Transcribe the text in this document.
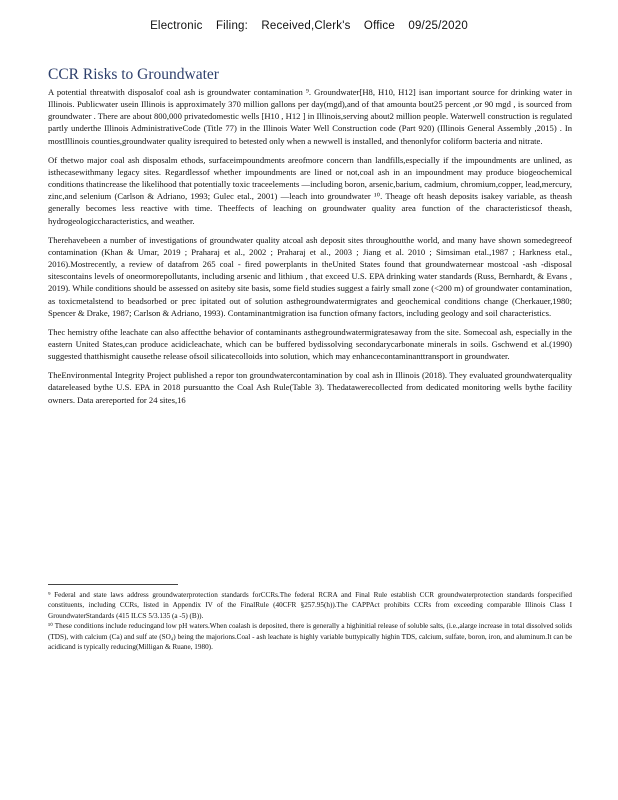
Electronic Filing: Received,Clerk's Office 09/25/2020
CCR Risks to Groundwater

A potential threatwith disposalof coal ash is groundwater contamination ⁹. Groundwater[H8, H10, H12] isan important source for drinking water in Illinois. Publicwater usein Illinois is approximately 370 million gallons per day(mgd),and of that amounta bout25 percent ,or 90 mgd , is sourced from groundwater . There are about 800,000 privatedomestic wells [H10 , H12 ] in Illinois,serving about2 million people. Waterwell construction is regulated partly underthe Illinois AdministrativeCode (Title 77) in the Illinois Water Well Construction code (Part 920) (Illinois General Assembly ,2015) . In mostIllinois counties,groundwater quality isrequired to betested only when a newwell is installed, and thenonlyfor coliform bacteria and nitrate.

Of thetwo major coal ash disposalm ethods, surfaceimpoundments areofmore concern than landfills,especially if the impoundments are unlined, as isthecasewithmany legacy sites. Regardlessof whether impoundments are lined or not,coal ash in an impoundment may produce biogeochemical conditions thatincrease the likelihood that potentially toxic traceelements —including boron, arsenic,barium, cadmium, chromium,copper, lead,mercury, zinc,and selenium (Carlson & Adriano, 1993; Gulec etal., 2001) —leach into groundwater ¹⁰. Theage oft heash deposits isakey variable, as theash generally becomes less reactive with time. Theeffects of leaching on groundwater quality area function of the characteristicsof theash, hydrogeologiccharacteristics, and weather.

Therehavebeen a number of investigations of groundwater quality atcoal ash deposit sites throughoutthe world, and many have shown somedegreeof contamination (Khan & Umar, 2019 ; Praharaj et al., 2002 ; Praharaj et al., 2003 ; Jiang et al. 2010 ; Simsiman etal.,1987 ; Harkness etal., 2016).Mostrecently, a review of datafrom 265 coal - fired powerplants in theUnited States found that groundwaternear mostcoal -ash -disposal sitescontains levels of oneormorepollutants, including arsenic and lithium , that exceed U.S. EPA drinking water standards (Russ, Bernhardt, & Evans , 2019). While conditions should be assessed on asiteby site basis, some field studies suggest a fairly small zone (<200 m) of groundwater contamination, as toxicmetalstend to beadsorbed or prec ipitated out of solution asthegroundwatermigrates and geochemical conditions change (Cherkauer,1980; Spencer & Drake, 1987; Carlson & Adriano, 1993). Contaminantmigration isa function ofmany factors, including geology and soil characteristics.

Thec hemistry ofthe leachate can also affectthe behavior of contaminants asthegroundwatermigratesaway from the site. Somecoal ash, especially in the eastern United States,can produce acidicleachate, which can be buffered bydissolving secondarycarbonate minerals in soils. Gschwend et al.(1990) suggested thatthismight causethe release ofsoil silicatecolloids into solution, which may enhancecontaminanttransport in groundwater.

TheEnvironmental Integrity Project published a repor ton groundwatercontamination by coal ash in Illinois (2018). They evaluated groundwaterquality datareleased bythe U.S. EPA in 2018 pursuantto the Coal Ash Rule(Table 3). Thedatawerecollected from dedicated monitoring wells bythe facility owners. Data arereported for 24 sites,16

⁹ Federal and state laws address groundwaterprotection standards forCCRs.The federal RCRA and Final Rule establish CCR groundwaterprotection standards forspecified constituents, including CCRs, listed in Appendix IV of the FinalRule (40CFR §257.95(h)).The CAPPAct prohibits CCRs from exceeding comparable Illinois Class I GroundwaterStandards (415 ILCS 5/3.135 (a -5) (B)).

¹⁰ These conditions include reducingand low pH waters.When coalash is deposited, there is generally a highinitial release of soluble salts, (i.e.,alarge increase in total dissolved solids (TDS), with calcium (Ca) and sulf ate (SO₄) being the majorions.Coal - ash leachate is highly variable buttypically highin TDS, calcium, sulfate, boron, iron, and aluminum.It can be acidicand is typically reducing(Milligan & Ruane, 1980).
